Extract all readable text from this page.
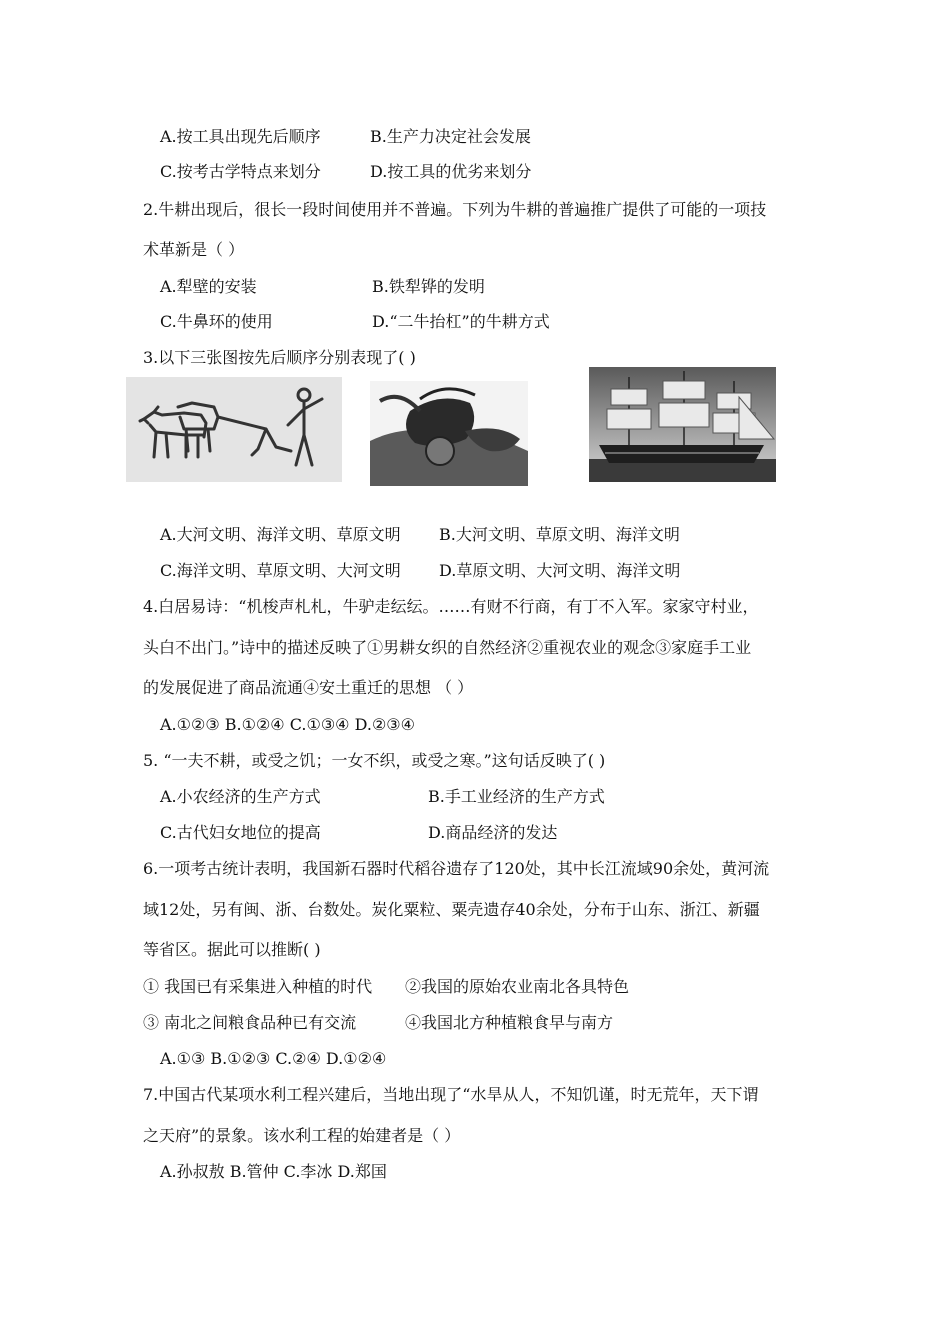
A.按工具出现先后顺序	B.生产力决定社会发展
C.按考古学特点来划分	D.按工具的优劣来划分
2.牛耕出现后，很长一段时间使用并不普遍。下列为牛耕的普遍推广提供了可能的一项技
术革新是（ ）
A.犁壁的安装	B.铁犁铧的发明
C.牛鼻环的使用	D.“二牛抬杠”的牛耕方式
3.以下三张图按先后顺序分别表现了( )
A.大河文明、海洋文明、草原文明 B.大河文明、草原文明、海洋文明
C.海洋文明、草原文明、大河文明 D.草原文明、大河文明、海洋文明
4.白居易诗：“机梭声札札，牛驴走纭纭。……有财不行商，有丁不入军。家家守村业，
头白不出门。”诗中的描述反映了①男耕女织的自然经济②重视农业的观念③家庭手工业
的发展促进了商品流通④安土重迁的思想 （ ）
A.①②③ B.①②④ C.①③④ D.②③④
5. “一夫不耕，或受之饥；一女不织，或受之寒。”这句话反映了( )
A.小农经济的生产方式	B.手工业经济的生产方式
C.古代妇女地位的提高	D.商品经济的发达
6.一项考古统计表明，我国新石器时代稻谷遗存了120处，其中长江流域90余处，黄河流
域12处，另有闽、浙、台数处。炭化粟粒、粟壳遗存40余处，分布于山东、浙江、新疆
等省区。据此可以推断( )
① 我国已有采集进入种植的时代 ②我国的原始农业南北各具特色
③ 南北之间粮食品种已有交流	④我国北方种植粮食早与南方
A.①③ B.①②③ C.②④ D.①②④
7.中国古代某项水利工程兴建后，当地出现了“水旱从人，不知饥谨，时无荒年，天下谓
之天府”的景象。该水利工程的始建者是（ ）
A.孙叔敖 B.管仲 C.李冰 D.郑国
